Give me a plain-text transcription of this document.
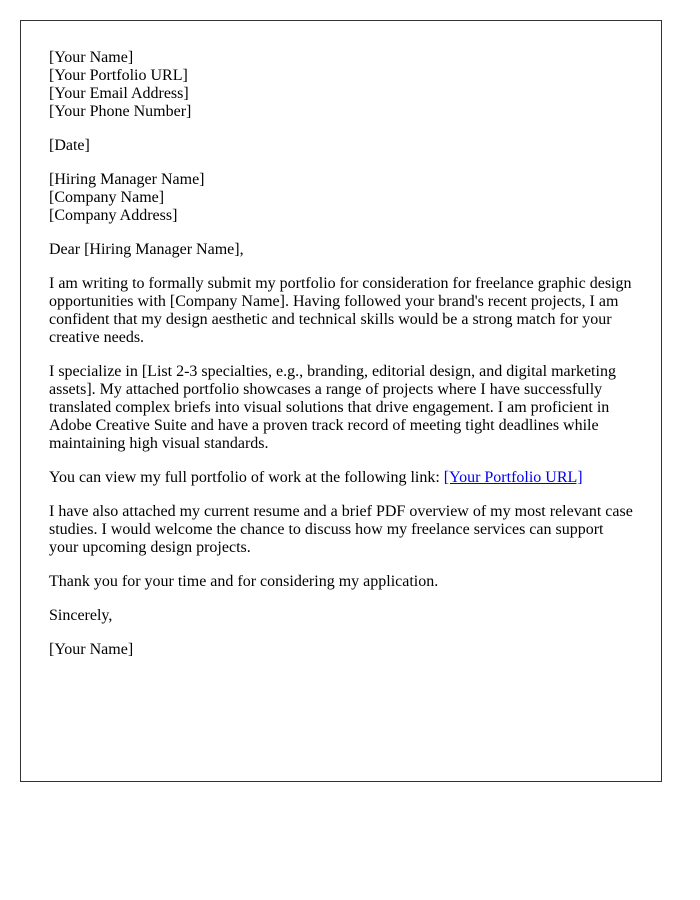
[Your Name]
[Your Portfolio URL]
[Your Email Address]
[Your Phone Number]

[Date]

[Hiring Manager Name]
[Company Name]
[Company Address]

Dear [Hiring Manager Name],

I am writing to formally submit my portfolio for consideration for freelance graphic design opportunities with [Company Name]. Having followed your brand's recent projects, I am confident that my design aesthetic and technical skills would be a strong match for your creative needs.

I specialize in [List 2-3 specialties, e.g., branding, editorial design, and digital marketing assets]. My attached portfolio showcases a range of projects where I have successfully translated complex briefs into visual solutions that drive engagement. I am proficient in Adobe Creative Suite and have a proven track record of meeting tight deadlines while maintaining high visual standards.

You can view my full portfolio of work at the following link: [Your Portfolio URL]

I have also attached my current resume and a brief PDF overview of my most relevant case studies. I would welcome the chance to discuss how my freelance services can support your upcoming design projects.

Thank you for your time and for considering my application.

Sincerely,

[Your Name]
